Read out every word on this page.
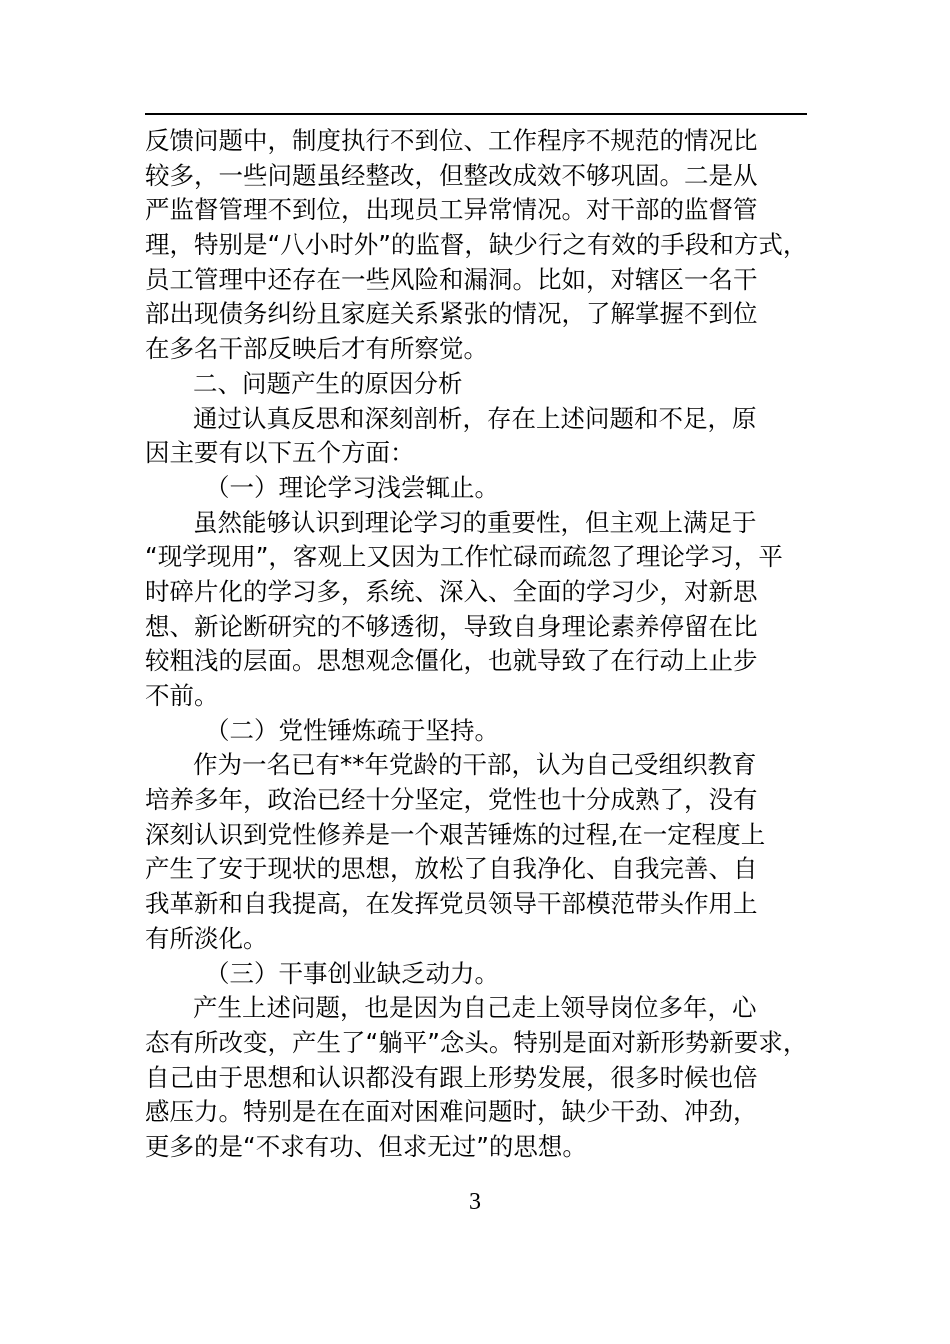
反馈问题中，制度执行不到位、工作程序不规范的情况比
较多，一些问题虽经整改，但整改成效不够巩固。二是从
严监督管理不到位，出现员工异常情况。对干部的监督管
理，特别是“八小时外”的监督，缺少行之有效的手段和方式，
员工管理中还存在一些风险和漏洞。比如，对辖区一名干
部出现债务纠纷且家庭关系紧张的情况，了解掌握不到位
在多名干部反映后才有所察觉。
二、问题产生的原因分析
通过认真反思和深刻剖析，存在上述问题和不足，原
因主要有以下五个方面：
（一）理论学习浅尝辄止。
虽然能够认识到理论学习的重要性，但主观上满足于
“现学现用”，客观上又因为工作忙碌而疏忽了理论学习，平
时碎片化的学习多，系统、深入、全面的学习少，对新思
想、新论断研究的不够透彻，导致自身理论素养停留在比
较粗浅的层面。思想观念僵化，也就导致了在行动上止步
不前。
（二）党性锤炼疏于坚持。
作为一名已有**年党龄的干部，认为自己受组织教育
培养多年，政治已经十分坚定，党性也十分成熟了，没有
深刻认识到党性修养是一个艰苦锤炼的过程,在一定程度上
产生了安于现状的思想，放松了自我净化、自我完善、自
我革新和自我提高，在发挥党员领导干部模范带头作用上
有所淡化。
（三）干事创业缺乏动力。
产生上述问题，也是因为自己走上领导岗位多年，心
态有所改变，产生了“躺平”念头。特别是面对新形势新要求，
自己由于思想和认识都没有跟上形势发展，很多时候也倍
感压力。特别是在在面对困难问题时，缺少干劲、冲劲，
更多的是“不求有功、但求无过”的思想。
3
